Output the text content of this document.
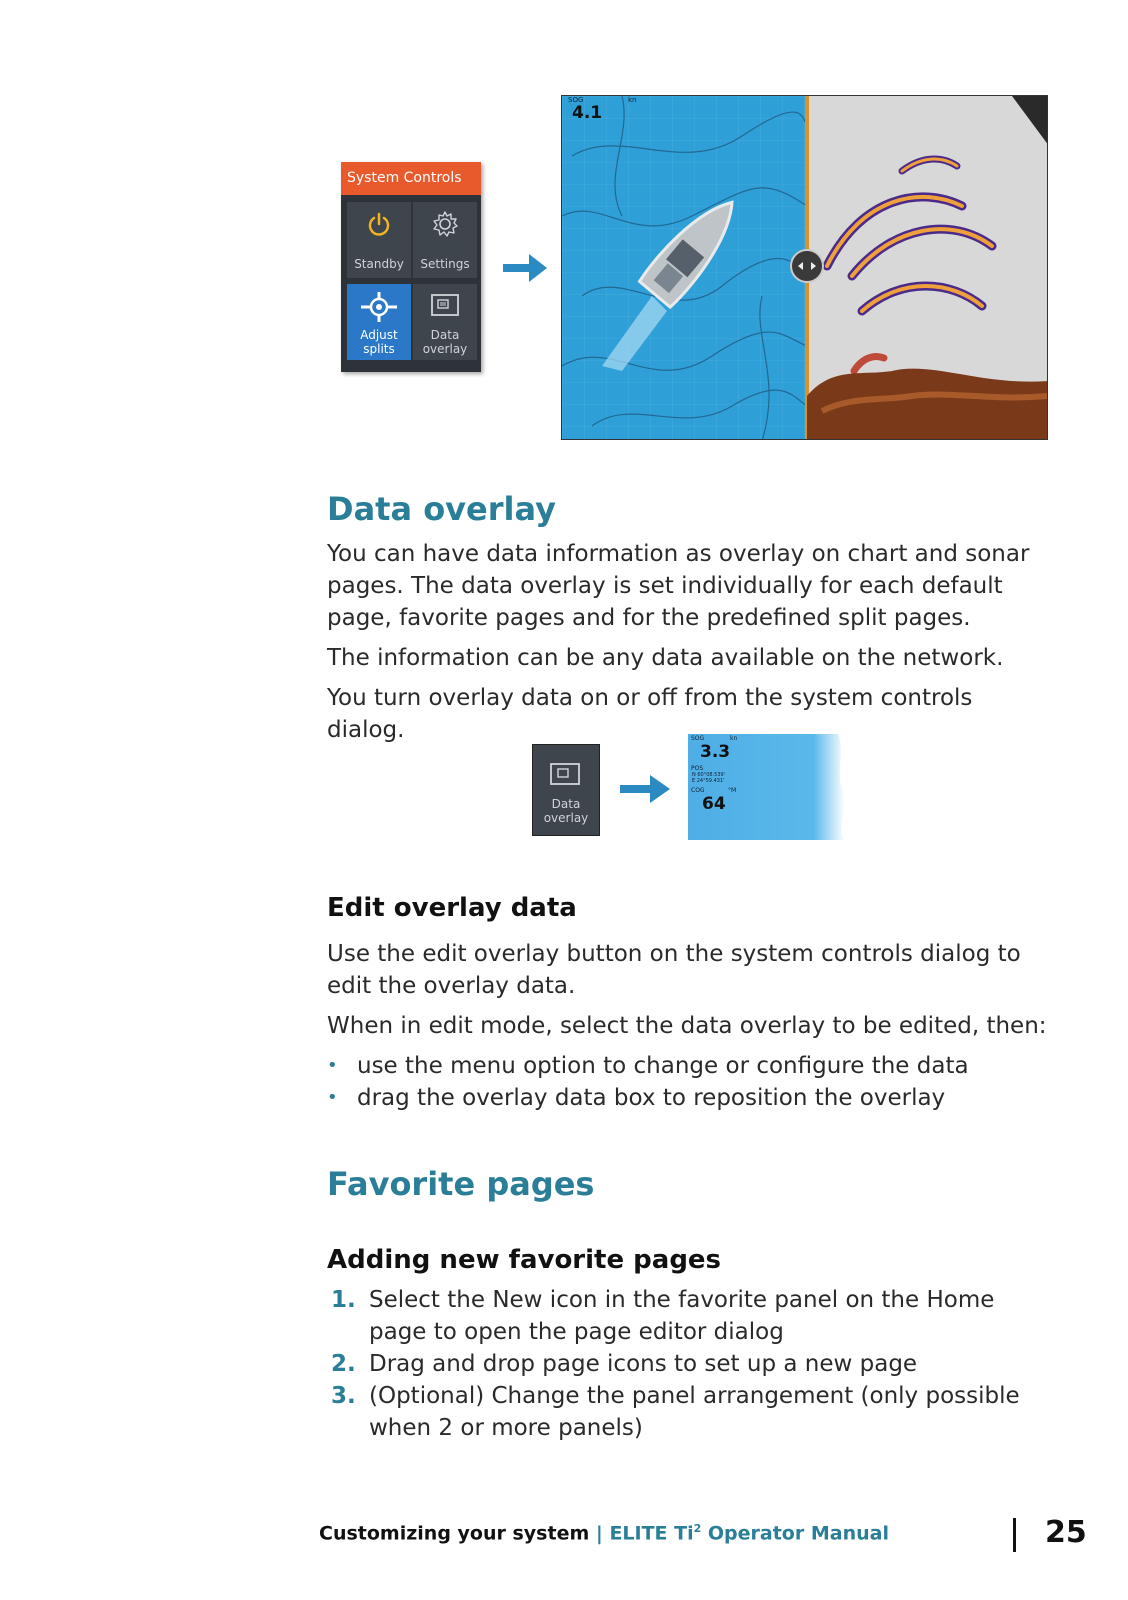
System Controls
Standby	Settings
Adjust
splits
Data
overlay
SOG	kn
4.1
Data overlay

You can have data information as overlay on chart and sonar pages. The data overlay is set individually for each default page, favorite pages and for the predefined split pages.

The information can be any data available on the network.

You turn overlay data on or off from the system controls dialog.

Data
overlay
SOG	kn
3.3
POS
N 60°08.539'
E 24°59.431'
COG	°M
64
Edit overlay data

Use the edit overlay button on the system controls dialog to edit the overlay data.

When in edit mode, select the data overlay to be edited, then:

• use the menu option to change or configure the data
• drag the overlay data box to reposition the overlay
Favorite pages
Adding new favorite pages
1. Select the New icon in the favorite panel on the Home page to open the page editor dialog
2. Drag and drop page icons to set up a new page
3. (Optional) Change the panel arrangement (only possible when 2 or more panels)
Customizing your system | ELITE Ti$^2$ Operator Manual	25
